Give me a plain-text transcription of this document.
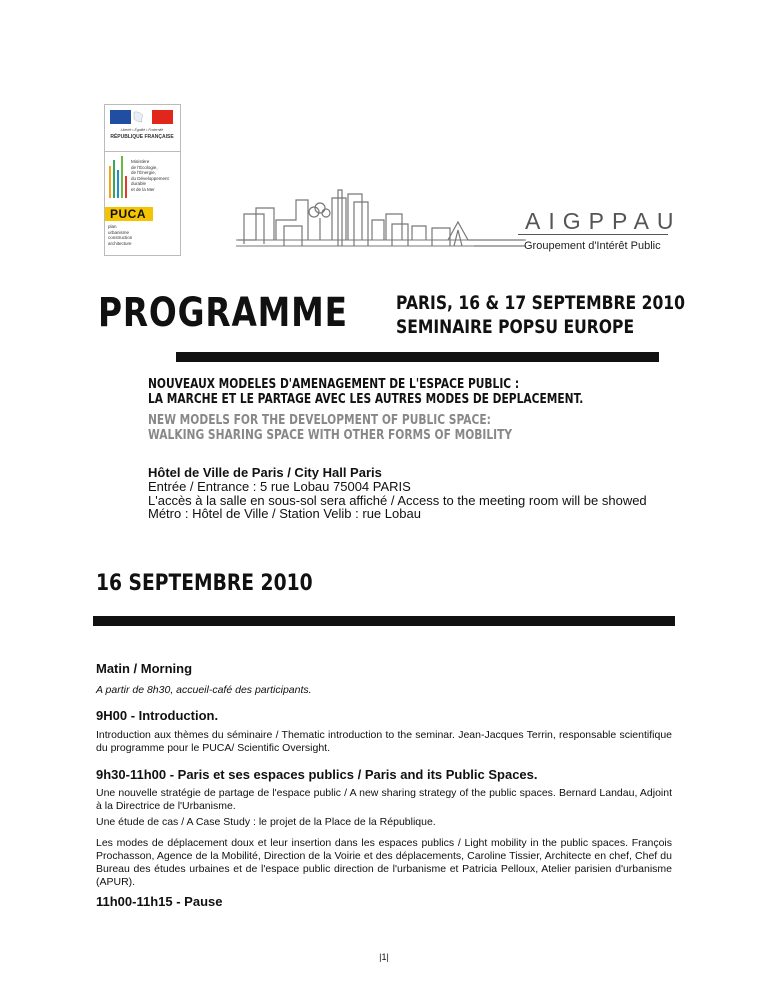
Liberté • Égalité • Fraternité
RÉPUBLIQUE FRANÇAISE
Ministère
de l'Écologie,
de l'Énergie,
du Développement
durable
et de la Mer
PUCA
plan
urbanisme
construction
architecture
AIGPPAU
Groupement d'Intérêt Public
PROGRAMME	PARIS, 16 & 17 SEPTEMBRE 2010
SEMINAIRE POPSU EUROPE
NOUVEAUX MODELES D'AMENAGEMENT DE L'ESPACE PUBLIC :
LA MARCHE ET LE PARTAGE AVEC LES AUTRES MODES DE DEPLACEMENT.
NEW MODELS FOR THE DEVELOPMENT OF PUBLIC SPACE:
WALKING SHARING SPACE WITH OTHER FORMS OF MOBILITY
Hôtel de Ville de Paris / City Hall Paris
Entrée / Entrance : 5 rue Lobau 75004 PARIS
L'accès à la salle en sous-sol sera affiché / Access to the meeting room will be showed
Métro : Hôtel de Ville / Station Velib : rue Lobau
16 SEPTEMBRE 2010
Matin / Morning
A partir de 8h30, accueil-café des participants.
9H00 - Introduction.
Introduction aux thèmes du séminaire / Thematic introduction to the seminar. Jean-Jacques Terrin, responsable scientifique du programme pour le PUCA/ Scientific Oversight.
9h30-11h00 - Paris et ses espaces publics / Paris and its Public Spaces.
Une nouvelle stratégie de partage de l'espace public / A new sharing strategy of the public spaces. Bernard Landau, Adjoint à la Directrice de l'Urbanisme.
Une étude de cas / A Case Study : le projet de la Place de la République.
Les modes de déplacement doux et leur insertion dans les espaces publics / Light mobility in the public spaces. François Prochasson, Agence de la Mobilité, Direction de la Voirie et des déplacements, Caroline Tissier, Architecte en chef, Chef du Bureau des études urbaines et de l'espace public direction de l'urbanisme et Patricia Pelloux, Atelier parisien d'urbanisme (APUR).
11h00-11h15 - Pause
|1|
